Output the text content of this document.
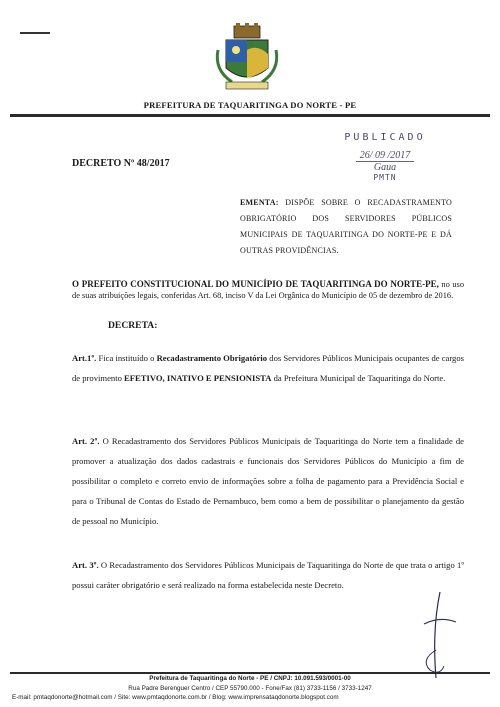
PREFEITURA DE TAQUARITINGA DO NORTE - PE
PUBLICADO
26/ 09 /2017
Gaua
PMTN
DECRETO Nº 48/2017
EMENTA: DISPÕE SOBRE O RECADASTRAMENTO OBRIGATÓRIO DOS SERVIDORES PÚBLICOS MUNICIPAIS DE TAQUARITINGA DO NORTE-PE E DÁ OUTRAS PROVIDÊNCIAS.
O PREFEITO CONSTITUCIONAL DO MUNICÍPIO DE TAQUARITINGA DO NORTE-PE, no uso de suas atribuições legais, conferidas Art. 68, inciso V da Lei Orgânica do Município de 05 de dezembro de 2016.
DECRETA:
Art.1º. Fica instituído o Recadastramento Obrigatório dos Servidores Públicos Municipais ocupantes de cargos de provimento EFETIVO, INATIVO E PENSIONISTA da Prefeitura Municipal de Taquaritinga do Norte.
Art. 2º. O Recadastramento dos Servidores Públicos Municipais de Taquaritinga do Norte tem a finalidade de promover a atualização dos dados cadastrais e funcionais dos Servidores Públicos do Município a fim de possibilitar o completo e correto envio de informações sobre a folha de pagamento para a Previdência Social e para o Tribunal de Contas do Estado de Pernambuco, bem como a bem de possibilitar o planejamento da gestão de pessoal no Município.
Art. 3º. O Recadastramento dos Servidores Públicos Municipais de Taquaritinga do Norte de que trata o artigo 1º possui caráter obrigatório e será realizado na forma estabelecida neste Decreto.
Prefeitura de Taquaritinga do Norte - PE / CNPJ: 10.091.593/0001-00
Rua Padre Berenguer Centro / CEP 55790.000 - Fone/Fax (81) 3733-1156 / 3733-1247
E-mail: pmtaqdonorte@hotmail.com / Site: www.pmtaqdonorte.com.br / Blog: www.imprensataqdonorte.blogspot.com
